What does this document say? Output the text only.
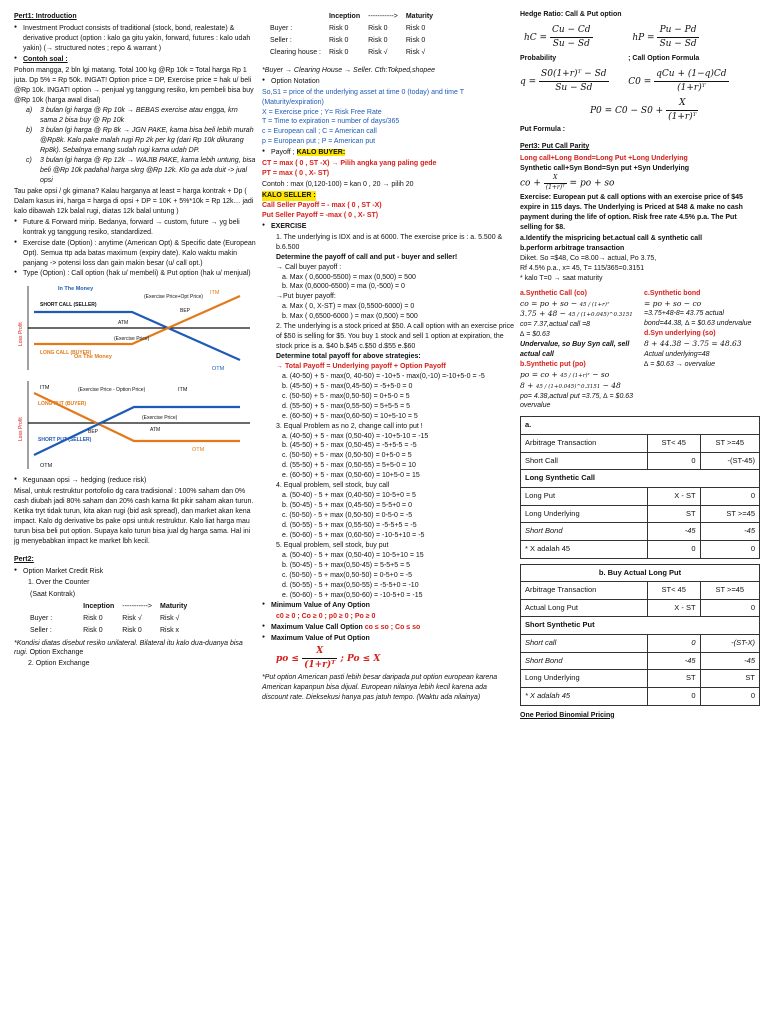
Pert1: Introduction
● Investment Product consists of traditional (stock, bond, realestate) & derivative product (option : kalo ga gitu yakin, forward, futures : kalo udah yakin) (→ structured notes ; repo & warrant )
● Contoh soal :
Pohon mangga, 2 bln lgi matang. Total 100 kg @Rp 10k = Total harga Rp 1 juta. Dp 5% = Rp 50k. INGAT! Option price = DP, Exercise price = hak u/ beli @Rp 10k. INGAT! option → penjual yg tanggung resiko, krn pembeli bisa buy @Rp 10k (harga awal disal)
a) 3 bulan lgi harga @ Rp 10k → BEBAS exercise atau engga, krn sama 2 bisa buy @ Rp 10k
b) 3 bulan lgi harga @ Rp 8k → JGN PAKE, karna bisa beli lebih murah @Rp8k. Kalo pake malah rugi Rp 2k per kg (dari Rp 10k dikurang Rp8k). Sebalnya emang sudah rugi karna udah DP.
c) 3 bulan lgi harga @ Rp 12k → WAJIB PAKE, karna lebih untung, bisa beli @Rp 10k padahal harga skrg @Rp 12k. Klo ga ada duit -> jual opsi
Tau pake opsi / gk gimana? Kalau harganya at least = harga kontrak + Dp ( Dalam kasus ini, harga = harga di opsi + DP = 10K + 5%*10k = Rp 12k… jadi kalo dibawah 12k balal rugi, diatas 12k balal untung )
● Future & Forward mirip. Bedanya, forward → custom, future → yg beli kontrak yg tanggung resiko, standardized.
● Exercise date (Option) : anytime (American Opt) & Specific date (European Opt). Semua ttp ada batas maximum (expiry date). Kalo waktu makin panjang -> potensi loss dan gain makin besar (u/ call opt.)
● Type (Option) : Call option (hak u/ membeli) & Put option (hak u/ menjual)
ITM
OTM
In The Money
SHORT CALL (SELLER)
LONG CALL (BUYER)
On The Money
(Exercise Price+Opt Price)
BEP
ATM
(Exercise Price)
Loss Profit
ITM
ITM	(Exercise Price - Option Price)
LONG PUT (BUYER)
SHORT PUT (SELLER)
BEP
(Exercise Price)
ATM
OTM
OTM
Loss Profit
● Kegunaan opsi → hedging (reduce risk)
Misal, untuk restruktur portofolio dg cara tradisional : 100% saham dan 0% cash diubah jadi 80% saham dan 20% cash karna Ikt pikir saham akan turun. Ketika tryt tidak turun, kita akan rugi (bid ask spread), dan market akan kena impact. Kalo dg derivative bs pake opsi untuk restruktur. Kalo liat harga mau turun bisa beli put option. Supaya kalo turun bisa jual dg harga sama. Hal ini jg menyebabkan impact ke market lbh kecil.
Pert2:
● Option Market Credit Risk
1. Over the Counter
(Saat Kontrak)			
	Inception	----------->	Maturity
Buyer :	Risk 0	Risk √	Risk √
Seller :	Risk 0	Risk 0	Risk x
*Kondisi diatas disebut resiko unilateral. Bilateral itu kalo dua-duanya bisa rugi. Option Exchange
2. Option Exchange
	Inception	----------->	Maturity
Buyer :	Risk 0	Risk 0	Risk 0
Seller :	Risk 0	Risk 0	Risk 0
Clearing house :	Risk 0	Risk √	Risk √
*Buyer → Clearing House → Seller. Cth:Tokped,shopee
● Option Notation
So,S1 = price of the underlying asset at time 0 (today) and time T (Maturity/expiration)
X = Exercise price ; Y= Risk Free Rate
T = Time to expiration = number of days/365
c = European call ; C = American call
p = European put ; P = American put
● Payoff ; KALO BUYER:
CT = max ( 0 , ST -X) → Pilih angka yang paling gede
PT = max ( 0 , X- ST)
Contoh : max (0,120-100) = kan 0 , 20 → pilih 20
KALO SELLER :
Call Seller Payoff = - max ( 0 , ST -X)
Put Seller Payoff = -max ( 0 , X- ST)
● EXERCISE
1. The underlying is IDX and is at 6000. The exercise price is : a. 5.500 & b.6.500
Determine the payoff of call and put - buyer and seller!
→ Call buyer payoff :
a. Max ( 0,6000-5500) = max (0,500) = 500
b. Max (0,6000-6500) = ma (0,-500) = 0
→Put buyer payoff:
a. Max ( 0, X-ST) = max (0,5500-6000) = 0
b. Max ( 0,6500-6000 ) = max (0,500) = 500
2. The underlying is a stock priced at $50. A call option with an exercise price of $50 is selling for $5. You buy 1 stock and sell 1 option at expiration, the stock price is a. $40 b.$45 c.$50 d.$55 e.$60
Determine total payoff for above strategies:
→ Total Payoff = Underlying payoff + Option Payoff
a. (40-50) + 5 - max(0, 40-50) = -10+5 - max(0,-10) =-10+5-0 = -5
b. (45-50) + 5 - max(0,45-50) = -5+5-0 = 0
c. (50-50) + 5 - max(0,50-50) = 0+5-0 = 5
d. (55-50) + 5 - max(0,55-50) = 5+5-5 = 5
e. (60-50) + 5 - max(0,60-50) = 10+5-10 = 5
3. Equal Problem as no 2, change call into put !
a. (40-50) + 5 - max (0,50-40) = -10+5-10 = -15
b. (45-50) + 5 - max (0,50-45) = -5+5-5 = -5
c. (50-50) + 5 - max (0,50-50) = 0+5-0 = 5
d. (55-50) + 5 - max (0,50-55) = 5+5-0 = 10
e. (60-50) + 5 - max (0,50-60) = 10+5-0 = 15
4. Equal problem, sell stock, buy call
a. (50-40) - 5 + max (0,40-50) = 10-5+0 = 5
b. (50-45) - 5 + max (0,45-50) = 5-5+0 = 0
c. (50-50) - 5 + max (0,50-50) = 0-5-0 = -5
d. (50-55) - 5 + max (0,55-50) = -5-5+5 = -5
e. (50-60) - 5 + max (0,60-50) = -10-5+10 = -5
5. Equal problem, sell stock, buy put
a. (50-40) - 5 + max (0,50-40) = 10-5+10 = 15
b. (50-45) - 5 + max(0,50-45) = 5-5+5 = 5
c. (50-50) - 5 + max(0,50-50) = 0-5+0 = -5
d. (50-55) - 5 + max(0,50-55) = -5-5+0 = -10
e. (50-60) - 5 + max(0,50-60) = -10-5+0 = -15
● Minimum Value of Any Option
c0 ≥ 0 ; Co ≥ 0 ; p0 ≥ 0 ; Po ≥ 0
● Maximum Value Call Option co ≤ so ; Co ≤ so
● Maximum Value of Put Option
po ≤ $\frac{X}{\text{(1+r)ᵀ}}$ ; Po ≤ X
*Put option American pasti lebih besar daripada put option european karena American kapanpun bisa dijual. European nilainya lebih kecil karena ada discount rate. Dieksekusi hanya pas jatuh tempo. (Waktu ada nilainya)
Hedge Ratio: Call & Put option
hC = $\frac{Cu - Cd}{Su - Sd}$	hP = $\frac{Pu - Pd}{Su - Sd}$
Probability	; Call Option Formula
$q = \frac{\text{S0(1+r)ᵀ − Sd}}{Su - Sd} C0 = \frac{\text{qCu + (1−q)Cd}}{\text{(1+r)ᵀ}}$
$P0 = C0 - S0 + \frac{X}{\text{(1+r)ᵀ}}$
Put Formula :
Pert3: Put Call Parity
Long call+Long Bond=Long Put +Long Underlying
Synthetic call+Syn Bond=Syn put +Syn Underlying
co + $\frac{X}{\text{(1+r)ᵀ}}$ = po + so
Exercise: European put & call options with an exercise price of $45 expire in 115 days. The Underlying is Priced at $48 & make no cash payment during the life of option. Risk free rate 4.5% p.a. The Put selling for $8.
a.Identify the mispricing bet.actual call & synthetic call
b.perform arbitrage transaction
Diket. So =$48, Co =8.00→ actual, Po 3.75,
Rf 4.5% p.a., x= 45, T= 115/365=0.3151
* kalo T=0 → saat maturity
a.Synthetic Call (co)
co = po + so − 45 / (1+r)ᵀ
3.75 + 48 − 45 / (1+0.045)^0.3151
co= 7.37,actual call =8
∆ = $0.63
Undervalue, so Buy Syn call, sell actual call
b.Synthetic put (po)
po = co + 45 / (1+r)ᵀ − so
8 + 45 / (1+0.045)^0.3151 − 48
po= 4.38,actual put =3.75, ∆ = $0.63 overvalue
c.Synthetic bond
= po + so − co
=3.75+48-8= 43.75 actual bond=44.38, ∆ = $0.63 undervalue
d.Syn underlying (so)
8 + 44.38 − 3.75 = 48.63
Actual underlying=48
∆ = $0.63 → overvalue
a.		
Arbitrage Transaction	ST< 45	ST >=45
Short Call	0	-(ST-45)
Long Synthetic Call		
Long Put	X - ST	0
Long Underlying	ST	ST >=45
Short Bond	-45	-45
* X adalah 45	0	0
b. Buy Actual Long Put		
Arbitrage Transaction	ST< 45	ST >=45
Actual Long Put	X - ST	0
Short Synthetic Put		
Short call	0	-(ST-X)
Short Bond	-45	-45
Long Underlying	ST	ST
* X adalah 45	0	0
One Period Binomial Pricing
